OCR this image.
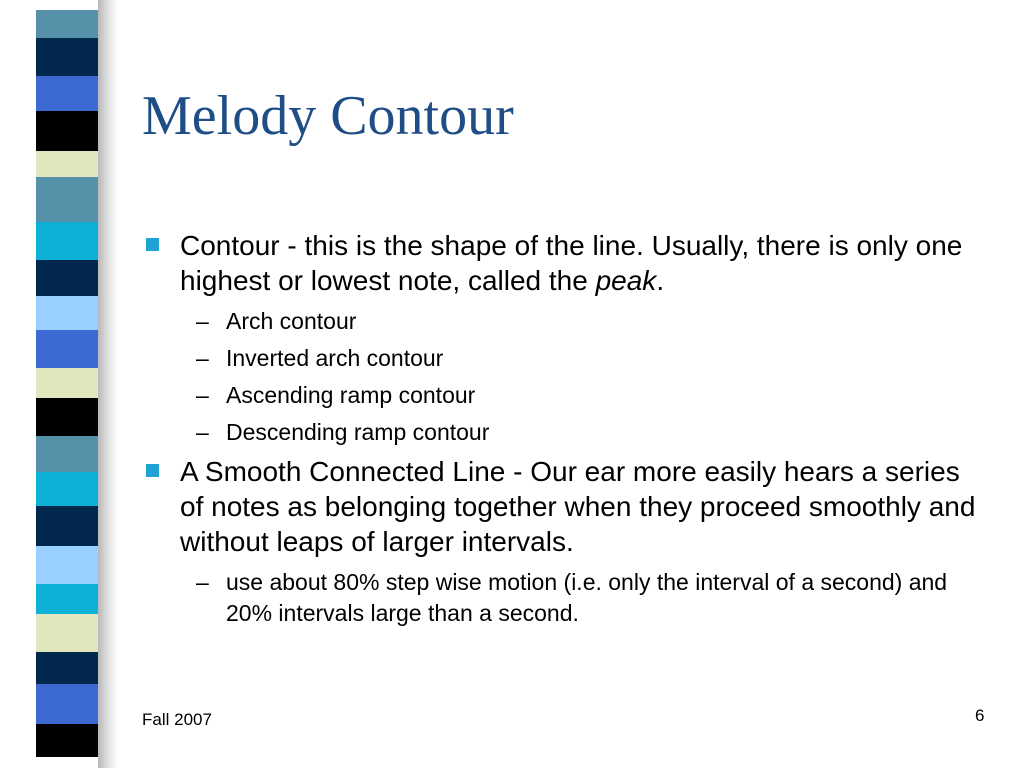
Melody Contour
Contour - this is the shape of the line. Usually, there is only one highest or lowest note, called the peak.
– Arch contour
– Inverted arch contour
– Ascending ramp contour
– Descending ramp contour
A Smooth Connected Line - Our ear more easily hears a series of notes as belonging together when they proceed smoothly and without leaps of larger intervals.
– use about 80% step wise motion (i.e. only the interval of a second) and 20% intervals large than a second.
Fall 2007	6
